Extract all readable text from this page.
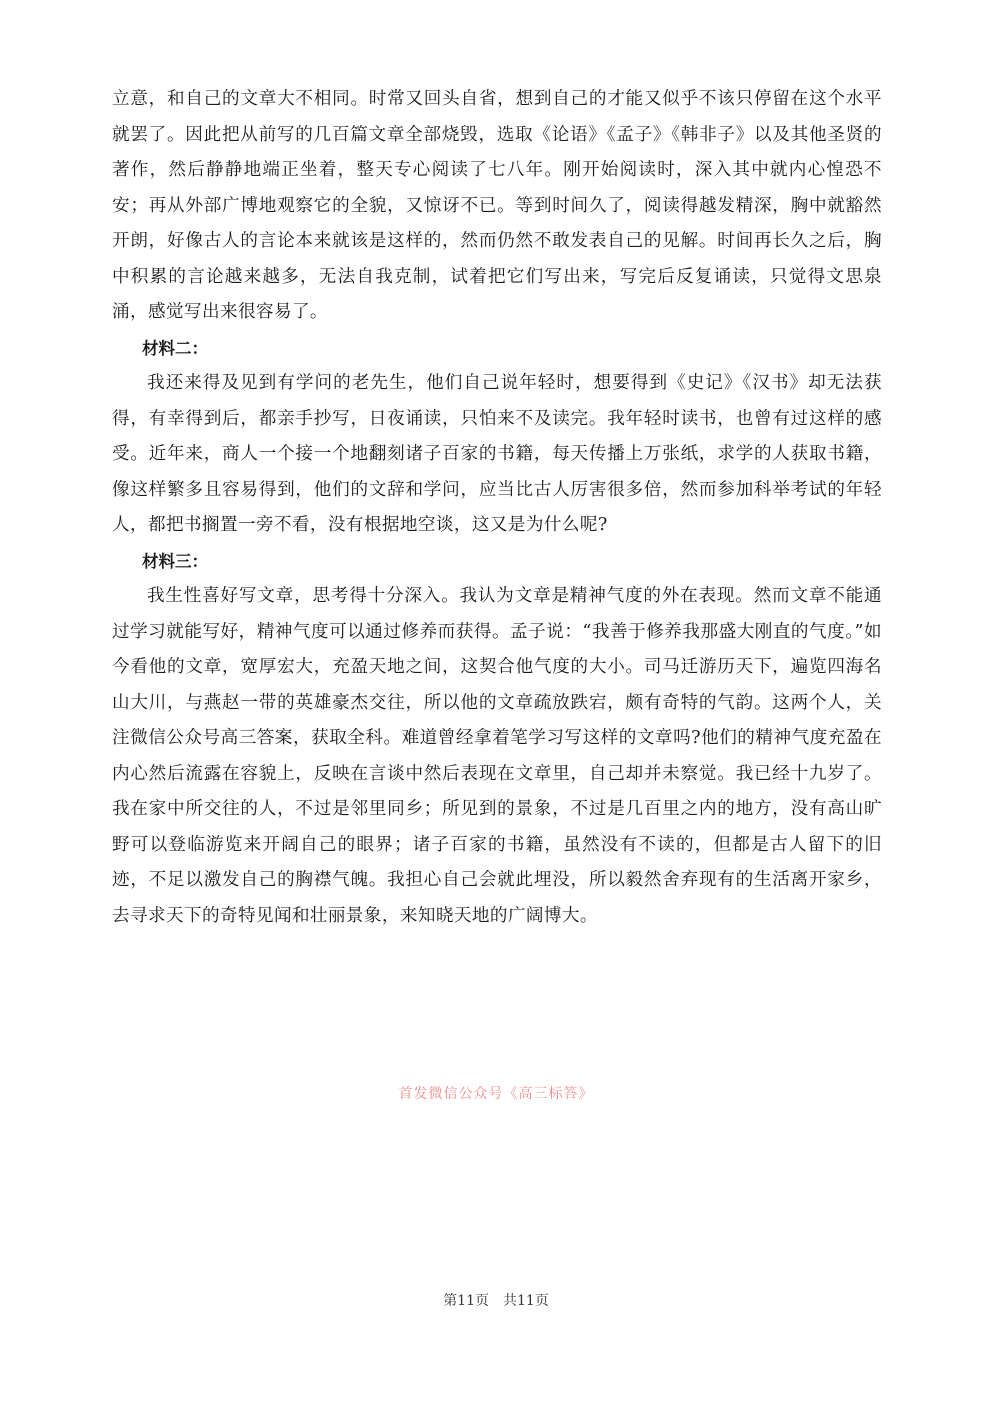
立意，和自己的文章大不相同。时常又回头自省，想到自己的才能又似乎不该只停留在这个水平就罢了。因此把从前写的几百篇文章全部烧毁，选取《论语》《孟子》《韩非子》以及其他圣贤的著作，然后静静地端正坐着，整天专心阅读了七八年。刚开始阅读时，深入其中就内心惶恐不安；再从外部广博地观察它的全貌，又惊讶不已。等到时间久了，阅读得越发精深，胸中就豁然开朗，好像古人的言论本来就该是这样的，然而仍然不敢发表自己的见解。时间再长久之后，胸中积累的言论越来越多，无法自我克制，试着把它们写出来，写完后反复诵读，只觉得文思泉涌，感觉写出来很容易了。

材料二：

我还来得及见到有学问的老先生，他们自己说年轻时，想要得到《史记》《汉书》却无法获得，有幸得到后，都亲手抄写，日夜诵读，只怕来不及读完。我年轻时读书，也曾有过这样的感受。近年来，商人一个接一个地翻刻诸子百家的书籍，每天传播上万张纸，求学的人获取书籍，像这样繁多且容易得到，他们的文辞和学问，应当比古人厉害很多倍，然而参加科举考试的年轻人，都把书搁置一旁不看，没有根据地空谈，这又是为什么呢?

材料三：

我生性喜好写文章，思考得十分深入。我认为文章是精神气度的外在表现。然而文章不能通过学习就能写好，精神气度可以通过修养而获得。孟子说：“我善于修养我那盛大刚直的气度。”如今看他的文章，宽厚宏大，充盈天地之间，这契合他气度的大小。司马迁游历天下，遍览四海名山大川，与燕赵一带的英雄豪杰交往，所以他的文章疏放跌宕，颇有奇特的气韵。这两个人，关注微信公众号高三答案，获取全科。难道曾经拿着笔学习写这样的文章吗?他们的精神气度充盈在内心然后流露在容貌上，反映在言谈中然后表现在文章里，自己却并未察觉。我已经十九岁了。我在家中所交往的人，不过是邻里同乡；所见到的景象，不过是几百里之内的地方，没有高山旷野可以登临游览来开阔自己的眼界；诸子百家的书籍，虽然没有不读的，但都是古人留下的旧迹，不足以激发自己的胸襟气魄。我担心自己会就此埋没，所以毅然舍弃现有的生活离开家乡，去寻求天下的奇特见闻和壮丽景象，来知晓天地的广阔博大。

首发微信公众号《高三标答》
第11页 共11页
